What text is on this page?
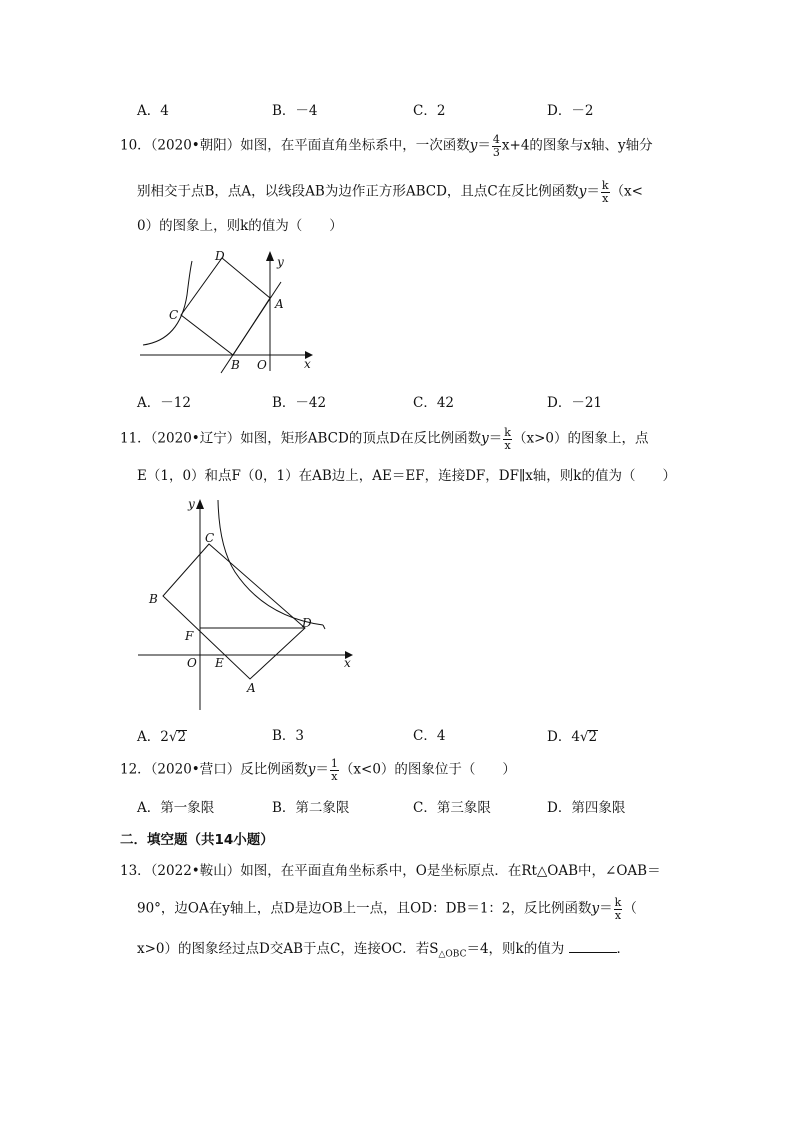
A．4	B．－4	C．2	D．－2
10．（2020•朝阳）如图，在平面直角坐标系中，一次函数$y= \frac{4}{3} x+4$的图象与x轴、y轴分
别相交于点B，点A，以线段AB为边作正方形ABCD，且点C在反比例函数$y= \frac{k}{x} (x<$
0）的图象上，则k的值为（　　）
D
C
A
B O	x
y
A．－12	B．－42	C．42	D．－21
11．（2020•辽宁）如图，矩形ABCD的顶点D在反比例函数$y= \frac{k}{x} (x>0)$的图象上，点
E（1，0）和点F（0，1）在AB边上，AE＝EF，连接DF，DF∥x轴，则k的值为（　　）
C
B
D
F
O E
A
x
y
A．2√2	B．3	C．4	D．4√2
12．（2020•营口）反比例函数$y= \frac{1}{x} (x<0)$的图象位于（　　）
A．第一象限	B．第二象限	C．第三象限	D．第四象限
二．填空题（共14小题）
13．（2022•鞍山）如图，在平面直角坐标系中，O是坐标原点．在Rt△OAB中，∠OAB＝
90°，边OA在y轴上，点D是边OB上一点，且OD：DB＝1：2，反比例函数$y= \frac{k}{x}$ （
x>0）的图象经过点D交AB于点C，连接OC．若$S_{\triangle OBC}=4$，则k的值为	．
